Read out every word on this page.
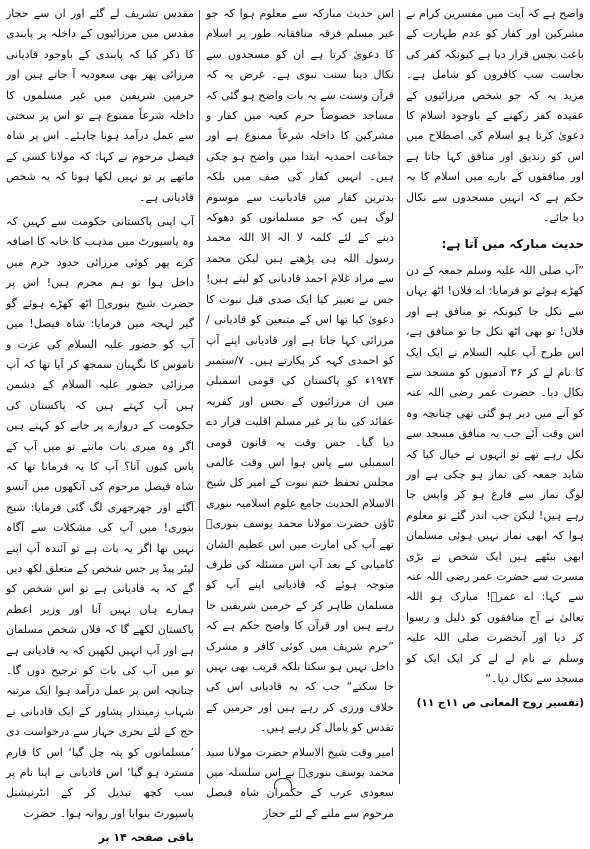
واضح ہے کہ آیت میں مفسرین کرام نے مشرکین اور کفار کو عدم طہارت کے باعث نجس قرار دیا ہے کیونکہ کفر کی نجاست سب کافروں کو شامل ہے۔ مزید یہ کہ جو شخص مرزائیوں کے عقیدہ کفر رکھنے کے باوجود اسلام کا دعویٰ کرتا ہو اسلام کی اصطلاح میں اس کو زندیق اور منافق کہا جاتا ہے اور منافقوں کے بارے میں اسلام کا یہ حکم ہے کہ انہیں مسجدوں سے نکال دیا جائے۔

حدیث مبارکہ میں آتا ہے:

”آپ صلی اللہ علیہ وسلم جمعہ کے دن کھڑے ہوئے تو فرمایا: اے فلاں! اٹھ یہاں سے نکل جا کیونکہ تو منافق ہے اور فلاں! تو بھی اٹھ نکل جا تو منافق ہے، اس طرح آپ علیہ السلام نے ایک ایک کا نام لے کر ۳۶ آدمیوں کو مسجد سے نکال دیا۔ حضرت عمر رضی اللہ عنہ کو آنے میں دیر ہو گئی تھی چنانچہ وہ اس وقت آئے جب یہ منافق مسجد سے نکل رہے تھے تو انہوں نے خیال کیا کہ شاید جمعہ کی نماز ہو چکی ہے اور لوگ نماز سے فارغ ہو کر واپس جا رہے ہیں! لیکن جب اندر گئے تو معلوم ہوا کہ ابھی نماز نہیں ہوئی مسلمان ابھی بیٹھے ہیں ایک شخص نے بڑی مسرت سے حضرت عمر رضی اللہ عنہ سے کہا: اے عمرؓ! مبارک ہو اللہ تعالیٰ نے آج منافقوں کو ذلیل و رسوا کر دیا اور آنحضرت صلی اللہ علیہ وسلم نے نام لے لے کر ایک ایک کو مسجد سے نکال دیا۔“

(تفسیر روح المعانی ص ۱۱ج ۱۱)

اس حدیث مبارکہ سے معلوم ہوا کہ جو غیر مسلم فرقہ منافقانہ طور پر اسلام کا دعویٰ کرتا ہے ان کو مسجدوں سے نکال دینا سنت نبوی ہے۔ غرض یہ کہ قرآن وسنت سے یہ بات واضح ہو گئی کہ مساجد خصوصاً حرم کعبہ میں کفار و مشرکین کا داخلہ شرعاً ممنوع ہے اور جماعت احمدیہ ابتدا میں واضح ہو چکی ہیں۔ انہیں کفار کی صف میں بلکہ بدترین کفار میں قادیانیت سے موسوم لوگ ہیں کہ جو مسلمانوں کو دھوکہ دینے کے لئے کلمہ لا الہ الا اللہ محمد رسول اللہ ہی پڑھتے ہیں لیکن محمد سے مراد غلام احمد قادیانی کو لیتے ہیں! جس نے تعبیر کیا ایک صدی قبل نبوت کا دعویٰ کیا تھا اس کے متبعین کو قادیانی / مرزائی کہا جاتا ہے اور قادیانی اپنے آپ کو احمدی کہہ کر پکارتے ہیں۔ ۷/ستمبر ۱۹۷۴ء کو پاکستان کی قومی اسمبلی میں ان مرزائیوں کے نجس اور کفریہ عقائد کی بنا پر غیر مسلم اقلیت قرار دے دیا گیا۔ جس وقت یہ قانون قومی اسمبلی سے پاس ہوا اس وقت عالمی مجلس تحفظ ختم نبوت کے امیر کل شیخ الاسلام الحدیث جامع علوم اسلامیہ بنوری ٹاؤن حضرت مولانا محمد یوسف بنوریؒ تھے آپ کی امارت میں اس عظیم الشان کامیابی کے بعد آپ اس مسئلہ کی طرف متوجہ ہوئے کہ قادیانی اپنے آپ کو مسلمان ظاہر کر کے حرمین شریفین جا رہے ہیں اور قرآن کا واضح حکم ہے کہ ”حرم شریف میں کوئی کافر و مشرک داخل نہیں ہو سکتا بلکہ قریب بھی نہیں جا سکتے“ جب کہ یہ قادیانی اس کی خلاف ورزی کر رہے ہیں اور حرمین کے تقدس کو پامال کر رہے ہیں۔

امیر وقت شیخ الاسلام حضرت مولانا سید محمد یوسف بنوریؒ نے اس سلسلہ میں سعودی عرب کے حکمران شاہ فیصل مرحوم سے ملنے کے لئے حجاز

مقدس تشریف لے گئے اور ان سے حجاز مقدس میں مرزائیوں کے داخلہ پر پابندی کا ذکر کیا کہ پابندی کے باوجود قادیانی مرزائی پھر بھی سعودیہ آ جاتے ہیں اور حرمین شریفین میں غیر مسلموں کا داخلہ شرعاً ممنوع ہے تو اس پر سختی سے عمل درآمد ہونا چاہئے۔ اس پر شاہ فیصل مرحوم نے کہا: کہ مولانا کسی کے ماتھے پر تو نہیں لکھا ہوتا کہ یہ شخص قادیانی ہے۔

آپ اپنی پاکستانی حکومت سے کہیں کہ وہ پاسپورٹ میں مذہب کا خانہ کا اضافہ کرے پھر کوئی مرزائی حدود حرم میں داخل ہوا تو ہم مجرم ہیں! اس پر حضرت شیخ بنوریؒ اٹھ کھڑے ہوئے گو گیر لہجہ میں فرمایا: شاہ فیصل! میں آپ کو حضور علیہ السلام کی عزت و ناموس کا نگہبان سمجھ کر آیا تھا کہ آپ مرزائی حضور علیہ السلام کے دشمن ہیں آپ کہتے ہیں کہ پاکستان کی حکومت کے دروازے پر جانے کو کہتے ہیں اگر وہ میری بات مانتے تو میں آپ کے پاس کیوں آتا؟ آپ کا یہ فرمانا تھا کہ شاہ فیصل مرحوم کی آنکھوں میں آنسو آگئے اور جھرجھری لگ گئی فرمایا: شیخ بنوری! میں آپ کی مشکلات سے آگاہ نہیں تھا اگر یہ بات ہے تو آئندہ آپ اپنے لیٹر پیڈ پر جس شخص کے متعلق لکھ دیں گے کہ یہ قادیانی ہے تو اس شخص کو ہمارے ہاں نہیں آنا اور وزیر اعظم پاکستان لکھے گا کہ فلاں شخص مسلمان ہے اور آپ انہیں لکھیں کہ یہ قادیانی ہے تو میں آپ کی بات کو ترجیح دوں گا۔ چنانچہ اس پر عمل درآمد ہوا ایک مرتبہ شہاب زمیندار پشاور کے ایک قادیانی نے حج کے لئے بحری جہاز سے درخواست دی ’مسلمانوں کو پتہ چل گیا‘ اس کا فارم مسترد ہو گیا‘ اس قادیانی نے اپنا نام پر سب کچھ تبدیل کر کے انٹرنیشنل پاسپورٹ بنوایا اور روانہ ہوا۔ حضرت

باقی صفحہ ۱۴ پر
